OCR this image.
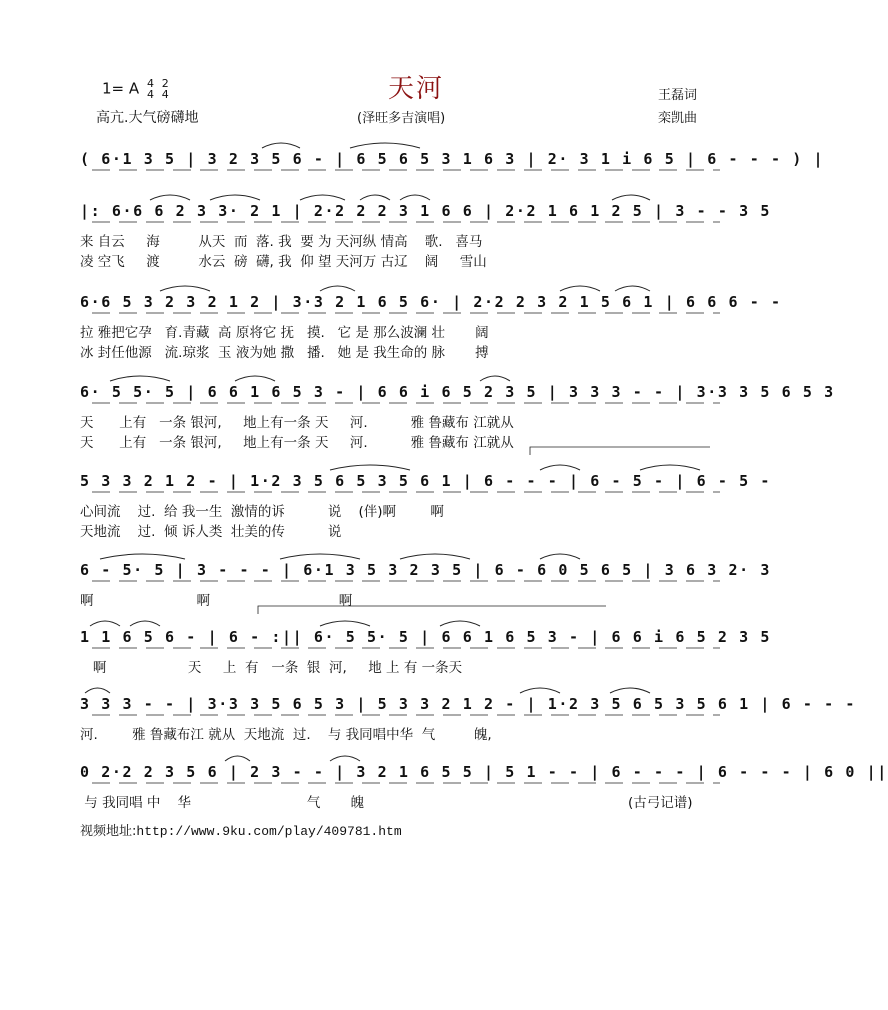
1= A 4
4 2
4	天河
高亢.大气磅礴地	(泽旺多吉演唱)
王磊词
栾凯曲
( 6·1 3 5 | 3 2 3 5 6 - | 6 5 6 5 3 1 6 3 | 2· 3 1 i 6 5 | 6 - - - ) |
|: 6·6 6 2 3 3· 2 1 | 2·2 2 2 3 1 6 6 | 2·2 1 6 1 2 5 | 3 - - 3 5
来 自云     海         从天  而  落. 我  要 为 天河纵 情高    歌.   喜马
凌 空飞     渡         水云  磅  礴, 我  仰 望 天河万 古辽    阔     雪山
6·6 5 3 2 3 2 1 2 | 3·3 2 1 6 5 6· | 2·2 2 3 2 1 5 6 1 | 6 6 6 - -
拉 雅把它孕   育.青藏  高 原将它 抚   摸.   它 是 那么波澜 壮       阔
冰 封任他源   流.琼浆  玉 液为她 撒   播.   她 是 我生命的 脉       搏
6· 5 5· 5 | 6 6 1 6 5 3 - | 6 6 i 6 5 2 3 5 | 3 3 3 - - | 3·3 3 5 6 5 3
天      上有   一条 银河,     地上有一条 天     河.          雅 鲁藏布 江就从
天      上有   一条 银河,     地上有一条 天     河.          雅 鲁藏布 江就从
5 3 3 2 1 2 - | 1·2 3 5 6 5 3 5 6 1 | 6 - - - | 6 - 5 - | 6 - 5 -
心间流    过.  给 我一生  激情的诉          说    (伴)啊        啊
天地流    过.  倾 诉人类  壮美的传          说
6 - 5· 5 | 3 - - - | 6·1 3 5 3 2 3 5 | 6 - 6 0 5 6 5 | 3 6 3 2· 3
啊                        啊                              啊
1 1 6 5 6 - | 6 - :|| 6· 5 5· 5 | 6 6 1 6 5 3 - | 6 6 i 6 5 2 3 5
啊                   天     上  有   一条  银  河,     地 上 有 一条天
3 3 3 - - | 3·3 3 5 6 5 3 | 5 3 3 2 1 2 - | 1·2 3 5 6 5 3 5 6 1 | 6 - - -
河.        雅 鲁藏布江 就从  天地流  过.    与 我同唱中华  气         魄,
0 2·2 2 3 5 6 | 2 3 - - | 3 2 1 6 5 5 | 5 1 - - | 6 - - - | 6 - - - | 6 0 ||
与 我同唱 中    华                           气       魄	(古弓记谱)
视频地址:http://www.9ku.com/play/409781.htm
